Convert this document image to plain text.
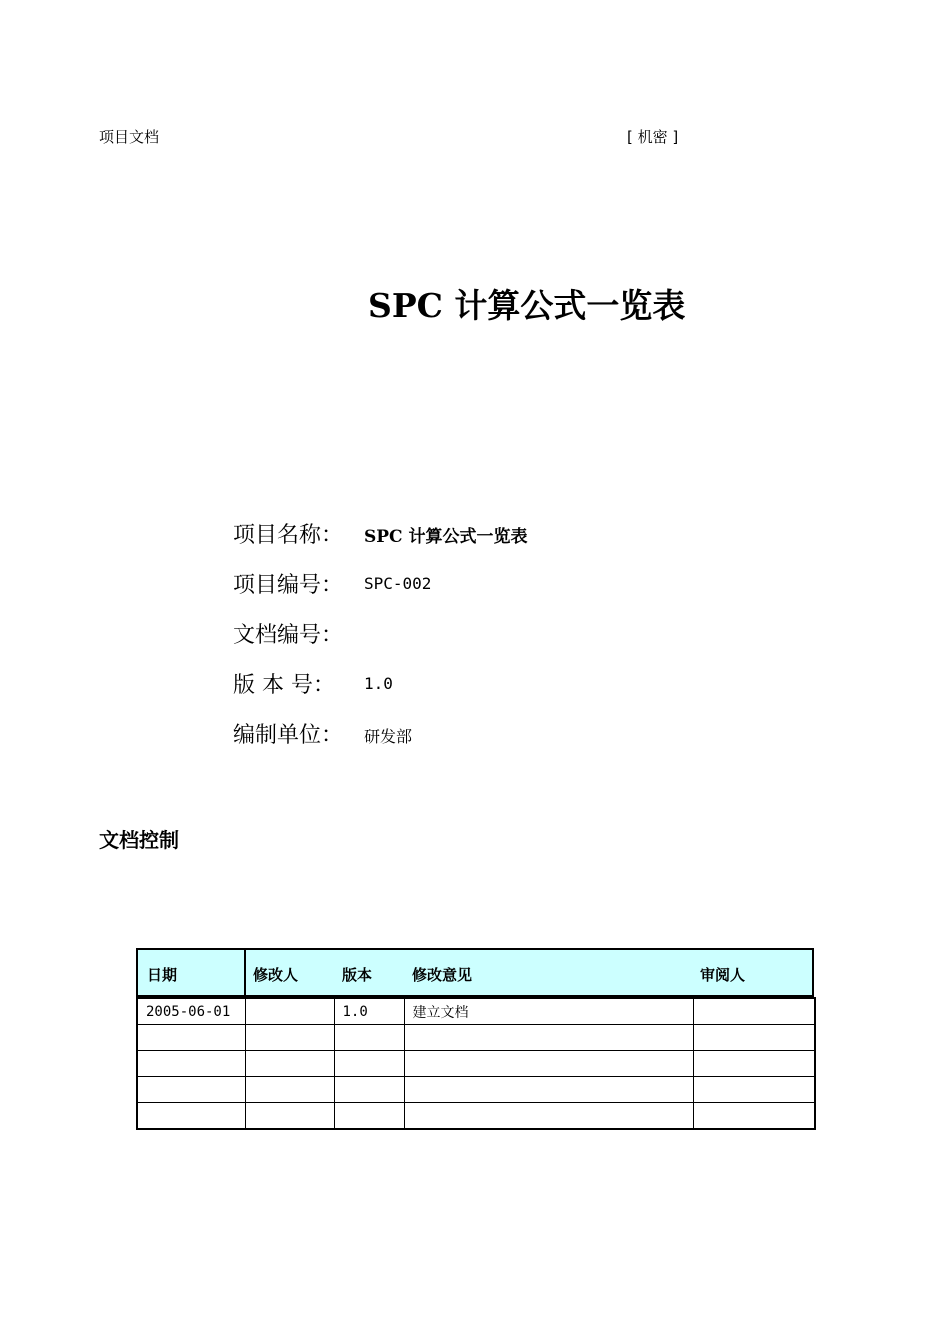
项目文档	[ 机密 ]
SPC 计算公式一览表
项目名称： SPC 计算公式一览表
项目编号： SPC-002
文档编号：
版 本 号： 1.0
编制单位： 研发部
文档控制
日期	修改人	版本	修改意见	审阅人
2005-06-01		1.0	建立文档	
